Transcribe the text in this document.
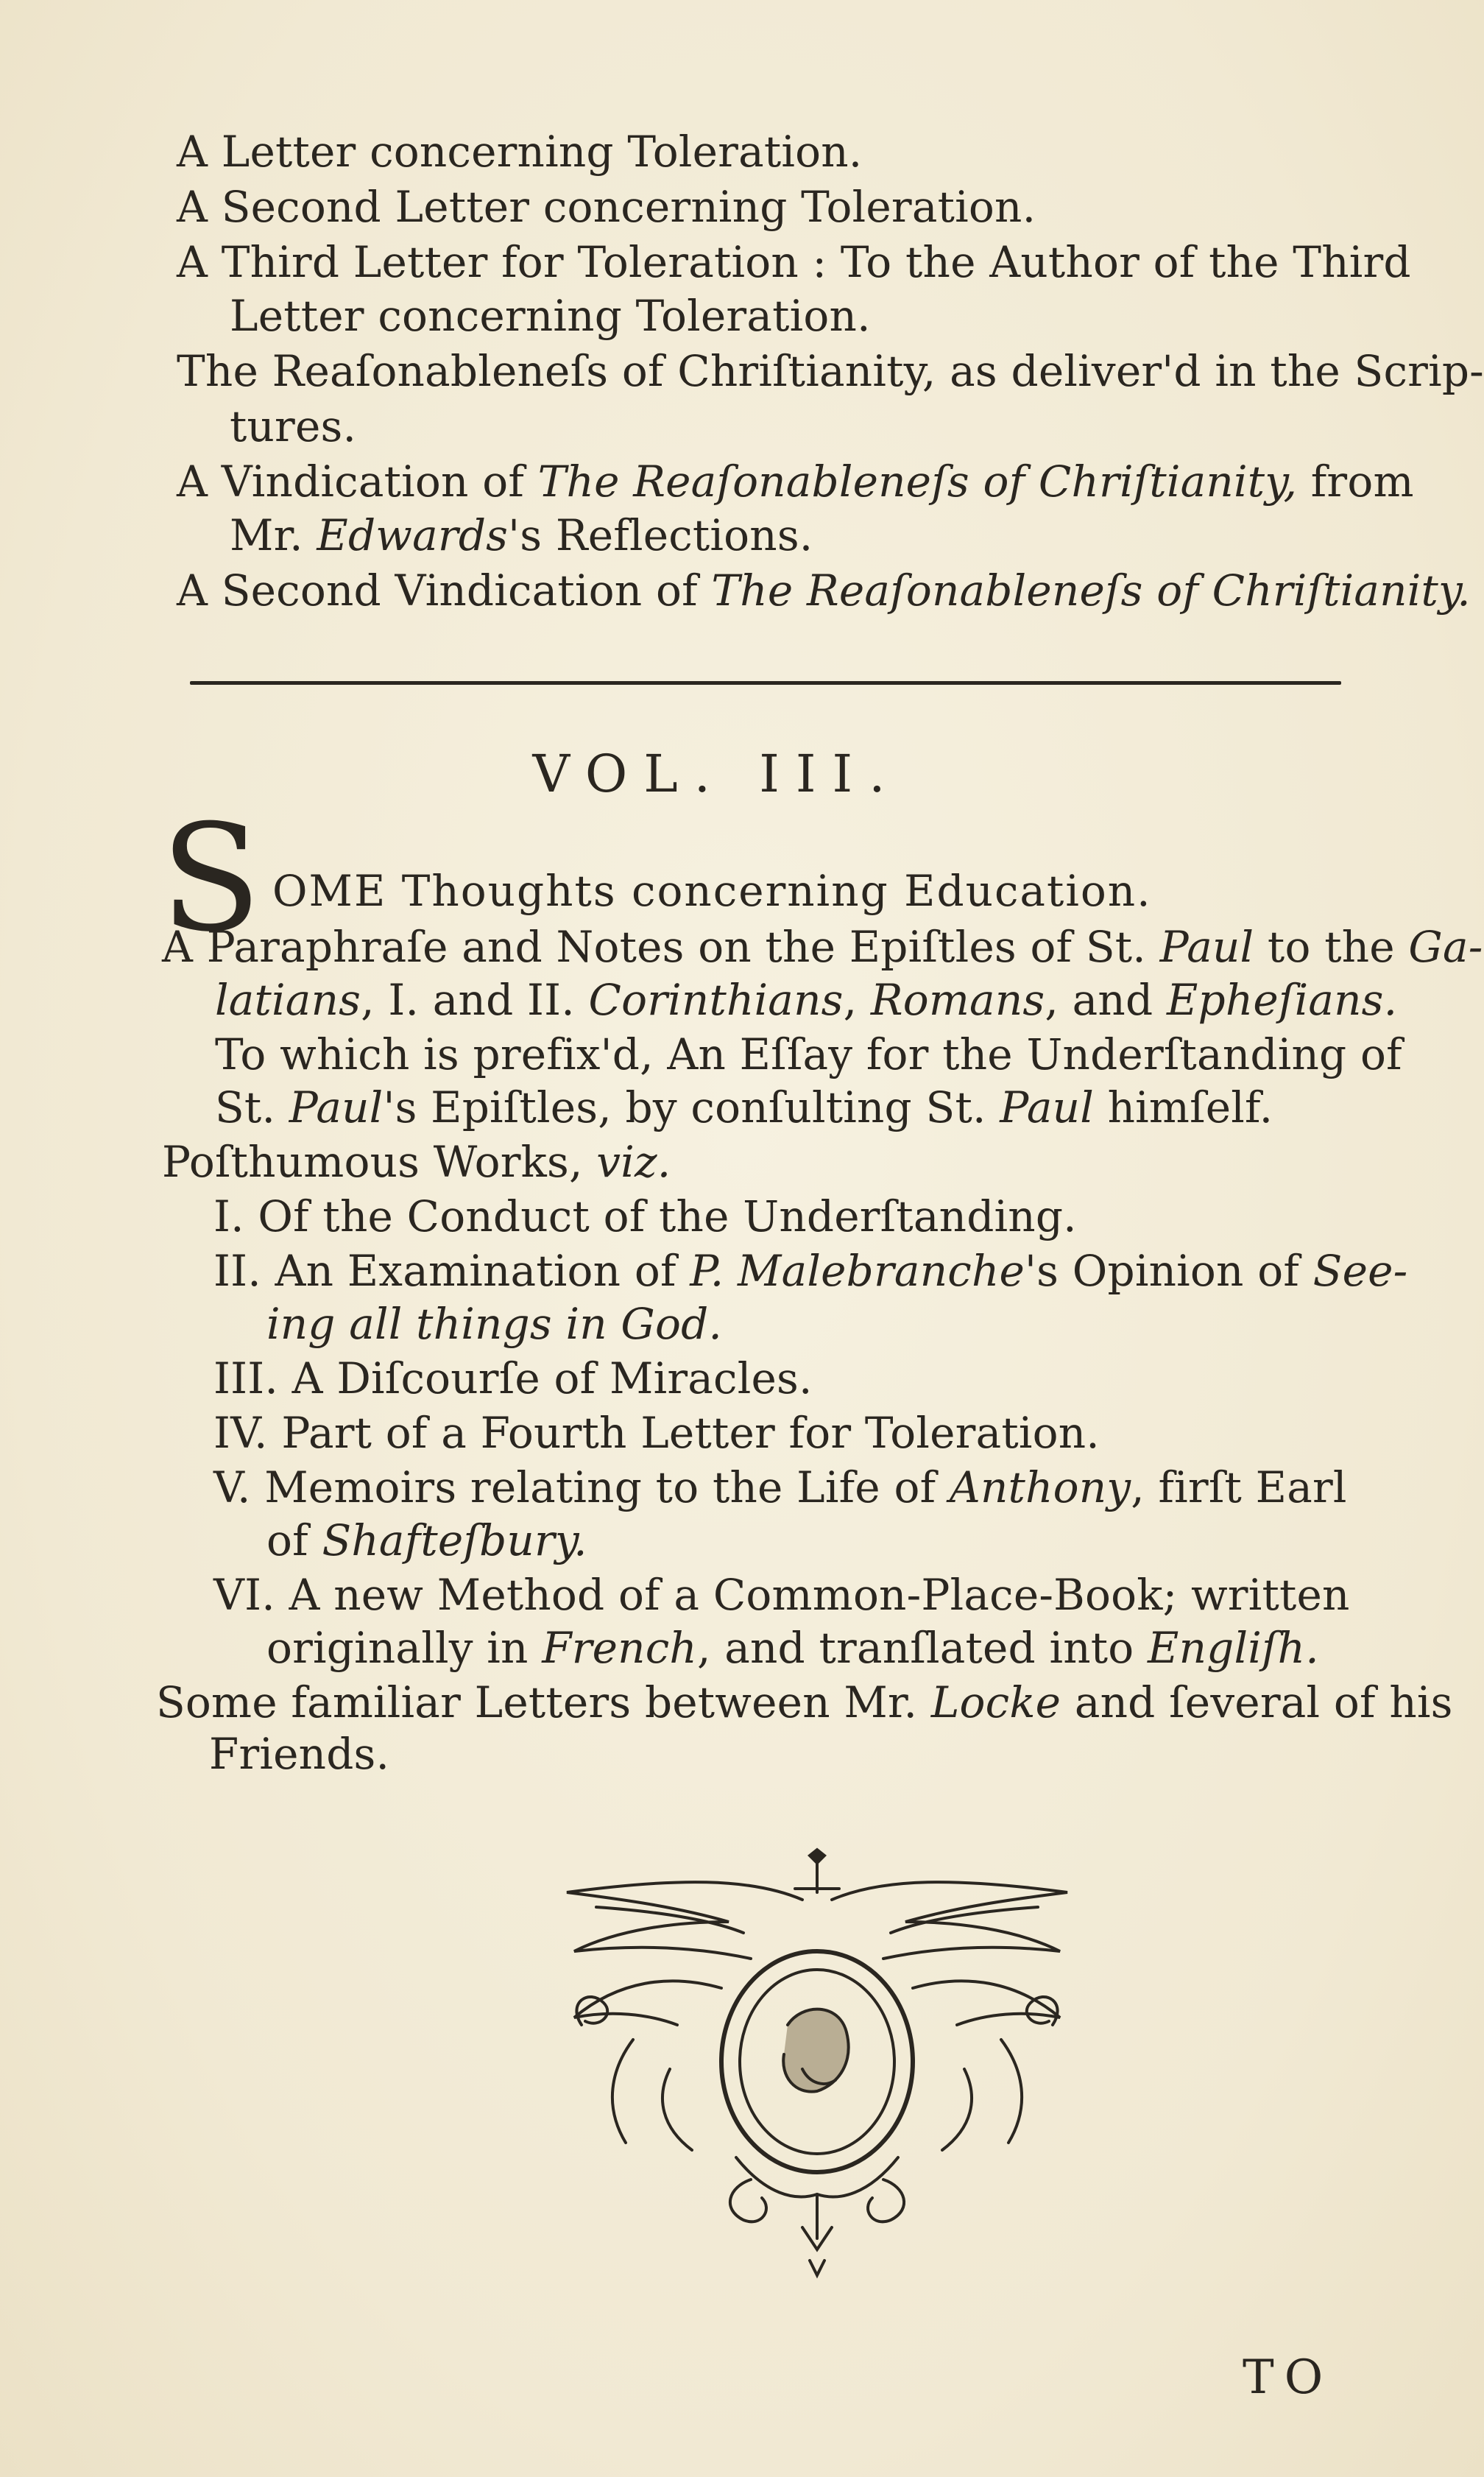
A Letter concerning Toleration.
A Second Letter concerning Toleration.
A Third Letter for Toleration : To the Author of the Third
Letter concerning Toleration.
The Reaſonableneſs of Chriſtianity, as deliver'd in the Scrip-
tures.
A Vindication of The Reaſonableneſs of Chriſtianity, from
Mr. Edwards's Reflections.
A Second Vindication of The Reaſonableneſs of Chriſtianity.
VOL. III.
S OME Thoughts concerning Education.
A Paraphraſe and Notes on the Epiſtles of St. Paul to the Ga-
latians, I. and II. Corinthians, Romans, and Epheſians.
To which is prefix'd, An Eſſay for the Underſtanding of
St. Paul's Epiſtles, by conſulting St. Paul himſelf.
Poſthumous Works, viz.
I. Of the Conduct of the Underſtanding.
II. An Examination of P. Malebranche's Opinion of See-
ing all things in God.
III. A Diſcourſe of Miracles.
IV. Part of a Fourth Letter for Toleration.
V. Memoirs relating to the Life of Anthony, firſt Earl
of Shafteſbury.
VI. A new Method of a Common-Place-Book; written
originally in French, and tranſlated into Engliſh.
Some familiar Letters between Mr. Locke and ſeveral of his
Friends.
TO
